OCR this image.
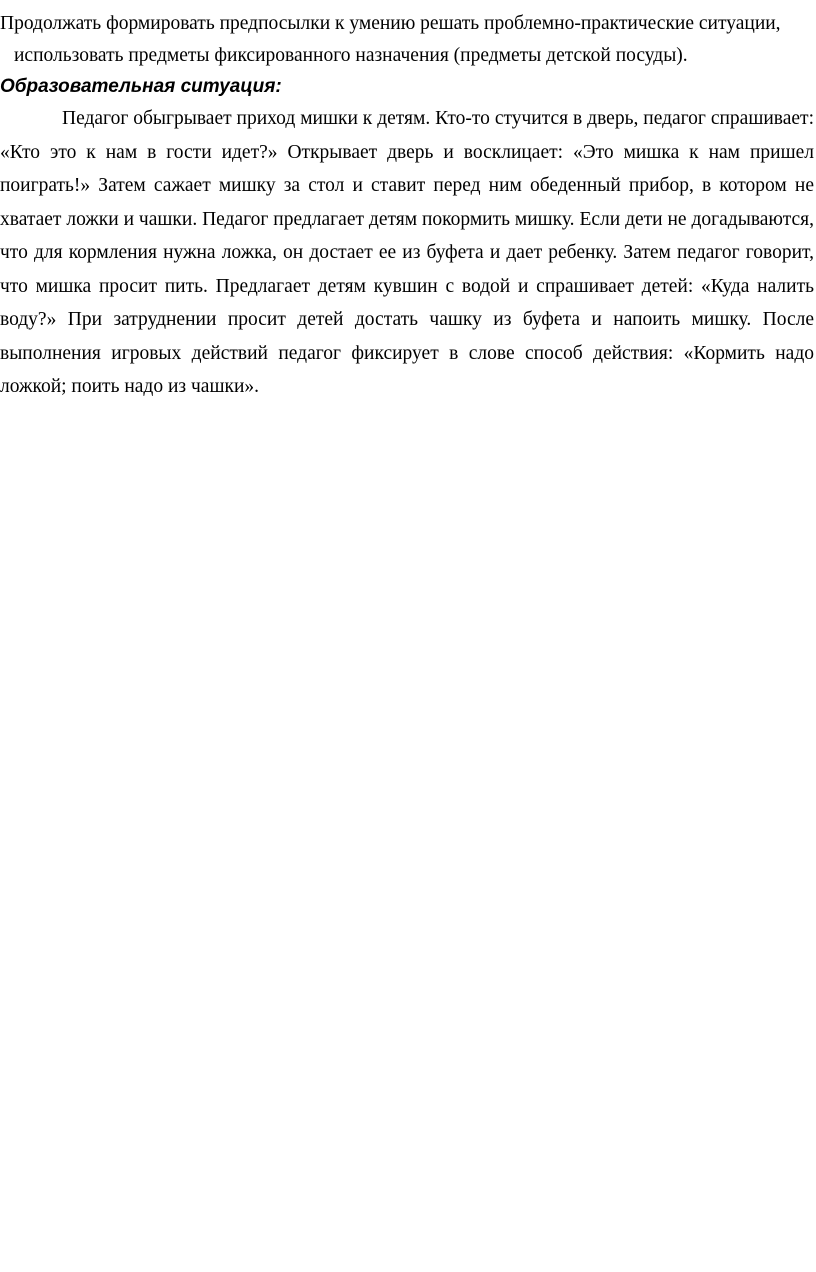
Продолжать формировать предпосылки к умению решать проблемно-практические ситуации, использовать предметы фиксированного назначения (предметы детской посуды).

Образовательная ситуация:

Педагог обыгрывает приход мишки к детям. Кто-то стучится в дверь, педагог спрашивает: «Кто это к нам в гости идет?» Открывает дверь и восклицает: «Это мишка к нам пришел поиграть!» Затем сажает мишку за стол и ставит перед ним обеденный прибор, в котором не хватает ложки и чашки. Педагог предлагает детям покормить мишку. Если дети не догадываются, что для кормления нужна ложка, он достает ее из буфета и дает ребенку. Затем педагог говорит, что мишка просит пить. Предлагает детям кувшин с водой и спрашивает детей: «Куда налить воду?» При затруднении просит детей достать чашку из буфета и напоить мишку. После выполнения игровых действий педагог фиксирует в слове способ действия: «Кормить надо ложкой; поить надо из чашки».
